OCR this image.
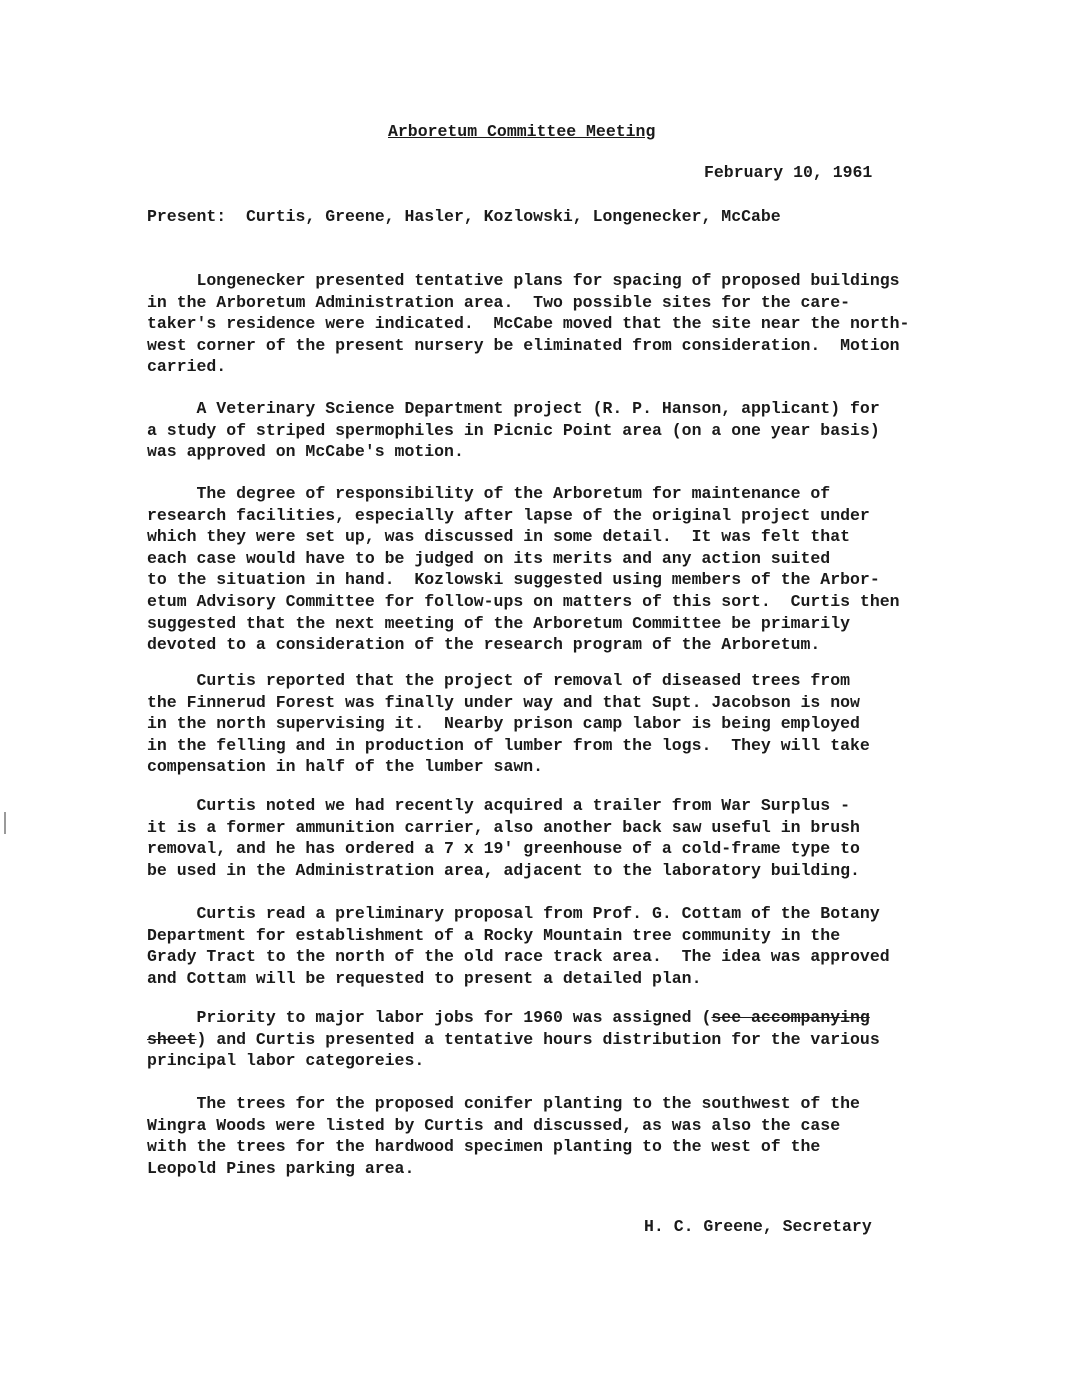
Arboretum Committee Meeting
February 10, 1961
Present:  Curtis, Greene, Hasler, Kozlowski, Longenecker, McCabe
Longenecker presented tentative plans for spacing of proposed buildings
in the Arboretum Administration area.  Two possible sites for the care-
taker's residence were indicated.  McCabe moved that the site near the north-
west corner of the present nursery be eliminated from consideration.  Motion
carried.
A Veterinary Science Department project (R. P. Hanson, applicant) for
a study of striped spermophiles in Picnic Point area (on a one year basis)
was approved on McCabe's motion.
The degree of responsibility of the Arboretum for maintenance of
research facilities, especially after lapse of the original project under
which they were set up, was discussed in some detail.  It was felt that
each case would have to be judged on its merits and any action suited
to the situation in hand.  Kozlowski suggested using members of the Arbor-
etum Advisory Committee for follow-ups on matters of this sort.  Curtis then
suggested that the next meeting of the Arboretum Committee be primarily
devoted to a consideration of the research program of the Arboretum.
Curtis reported that the project of removal of diseased trees from
the Finnerud Forest was finally under way and that Supt. Jacobson is now
in the north supervising it.  Nearby prison camp labor is being employed
in the felling and in production of lumber from the logs.  They will take
compensation in half of the lumber sawn.
Curtis noted we had recently acquired a trailer from War Surplus -
it is a former ammunition carrier, also another back saw useful in brush
removal, and he has ordered a 7 x 19' greenhouse of a cold-frame type to
be used in the Administration area, adjacent to the laboratory building.
Curtis read a preliminary proposal from Prof. G. Cottam of the Botany
Department for establishment of a Rocky Mountain tree community in the
Grady Tract to the north of the old race track area.  The idea was approved
and Cottam will be requested to present a detailed plan.
Priority to major labor jobs for 1960 was assigned (see accompanying
sheet) and Curtis presented a tentative hours distribution for the various
principal labor categoreies.
The trees for the proposed conifer planting to the southwest of the
Wingra Woods were listed by Curtis and discussed, as was also the case
with the trees for the hardwood specimen planting to the west of the
Leopold Pines parking area.
H. C. Greene, Secretary
